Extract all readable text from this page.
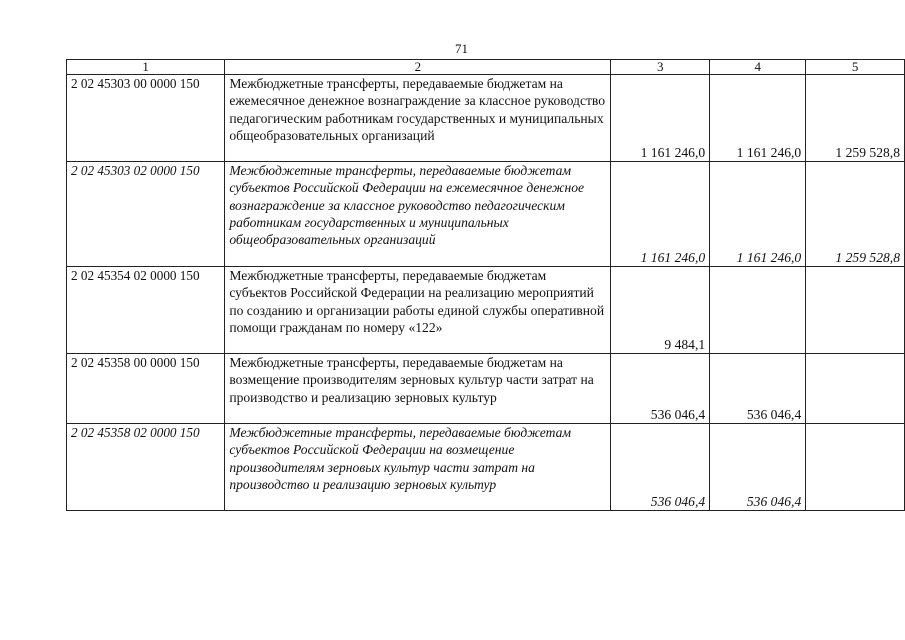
71
1	2	3	4	5
2 02 45303 00 0000 150	Межбюджетные трансферты, передаваемые бюджетам на ежемесячное денежное вознаграждение за классное руководство педагогическим работникам государственных и муниципальных общеобразовательных организаций	1 161 246,0	1 161 246,0	1 259 528,8
2 02 45303 02 0000 150	Межбюджетные трансферты, передаваемые бюджетам субъектов Российской Федерации на ежемесячное денежное вознаграждение за классное руководство педагогическим работникам государственных и муниципальных общеобразовательных организаций	1 161 246,0	1 161 246,0	1 259 528,8
2 02 45354 02 0000 150	Межбюджетные трансферты, передаваемые бюджетам субъектов Российской Федерации на реализацию мероприятий по созданию и организации работы единой службы оперативной помощи гражданам по номеру «122»	9 484,1		
2 02 45358 00 0000 150	Межбюджетные трансферты, передаваемые бюджетам на возмещение производителям зерновых культур части затрат на производство и реализацию зерновых культур	536 046,4	536 046,4	
2 02 45358 02 0000 150	Межбюджетные трансферты, передаваемые бюджетам субъектов Российской Федерации на возмещение производителям зерновых культур части затрат на производство и реализацию зерновых культур	536 046,4	536 046,4	
